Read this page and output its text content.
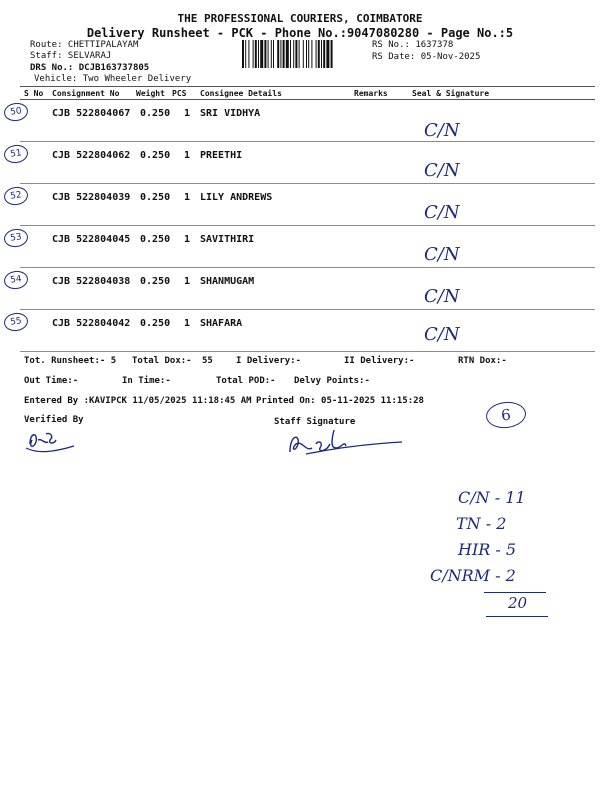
THE PROFESSIONAL COURIERS, COIMBATORE
Delivery Runsheet - PCK - Phone No.:9047080280 - Page No.:5
Route: CHETTIPALAYAM
Staff: SELVARAJ
DRS No.: DCJB163737805
Vehicle: Two Wheeler Delivery
RS No.: 1637378
RS Date: 05-Nov-2025
S No Consignment No Weight PCS Consignee Details	Remarks	Seal & Signature
50	CJB 522804067 0.250 1 SRI VIDHYA
C/N
51	CJB 522804062 0.250 1 PREETHI
C/N
52	CJB 522804039 0.250 1 LILY ANDREWS
C/N
53	CJB 522804045 0.250 1 SAVITHIRI
C/N
54	CJB 522804038 0.250 1 SHANMUGAM
C/N
55	CJB 522804042 0.250 1 SHAFARA
C/N
Tot. Runsheet:- 5 Total Dox:- 55	I Delivery:-	II Delivery:-	RTN Dox:-
Out Time:-	In Time:-	Total POD:- Delvy Points:-
Entered By :KAVIPCK 11/05/2025 11:18:45 AM Printed On: 05-11-2025 11:15:28
Verified By	Staff Signature	6
C/N - 11
TN - 2
HIR - 5
C/NRM - 2
20
